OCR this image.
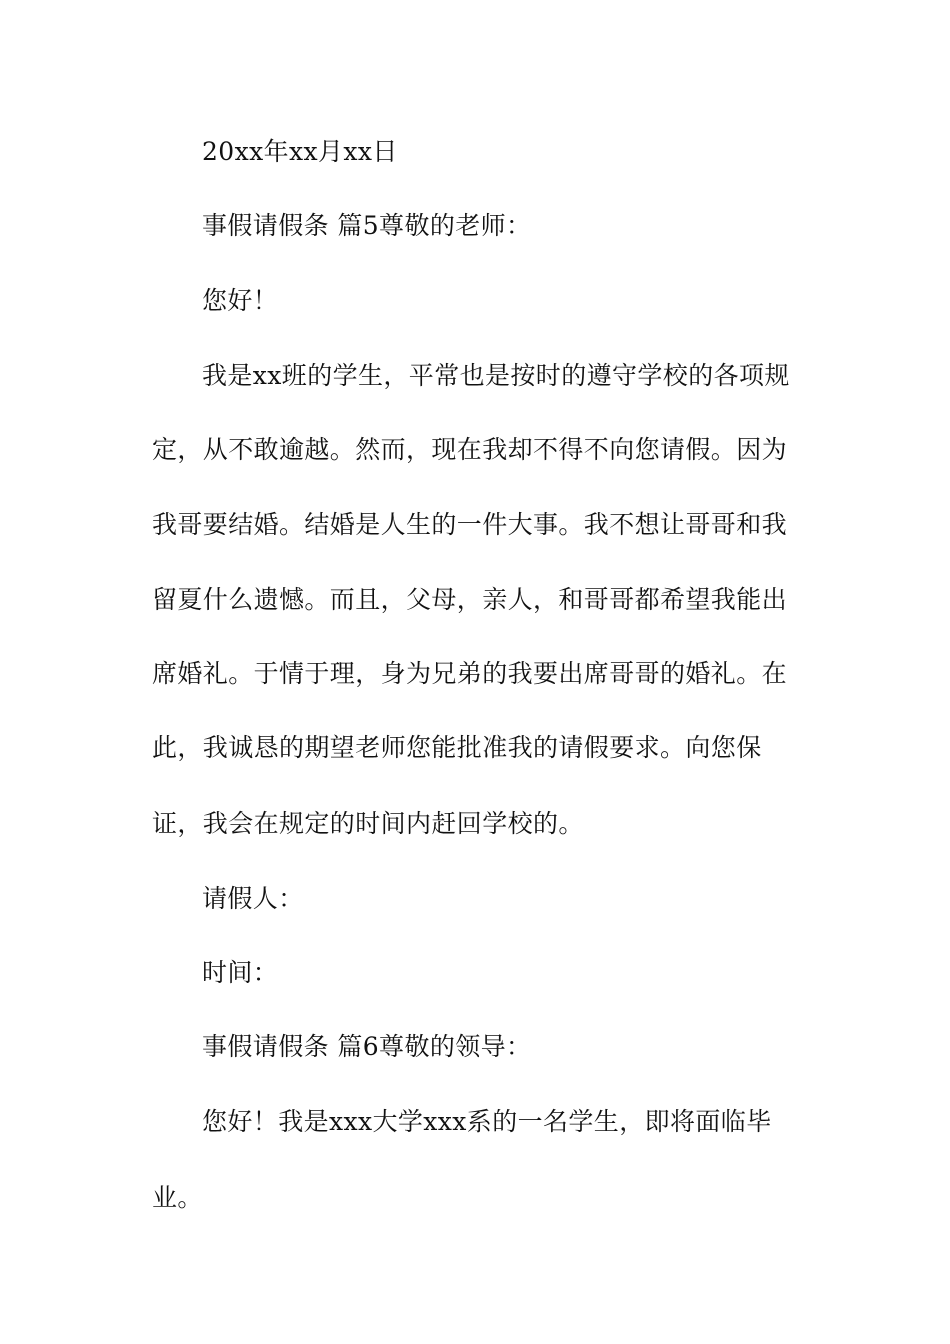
20xx年xx月xx日
事假请假条 篇5尊敬的老师：
您好！
我是xx班的学生，平常也是按时的遵守学校的各项规
定，从不敢逾越。然而，现在我却不得不向您请假。因为
我哥要结婚。结婚是人生的一件大事。我不想让哥哥和我
留夏什么遗憾。而且，父母，亲人，和哥哥都希望我能出
席婚礼。于情于理，身为兄弟的我要出席哥哥的婚礼。在
此，我诚恳的期望老师您能批准我的请假要求。向您保
证，我会在规定的时间内赶回学校的。
请假人：
时间：
事假请假条 篇6尊敬的领导：
您好！我是xxx大学xxx系的一名学生，即将面临毕
业。
